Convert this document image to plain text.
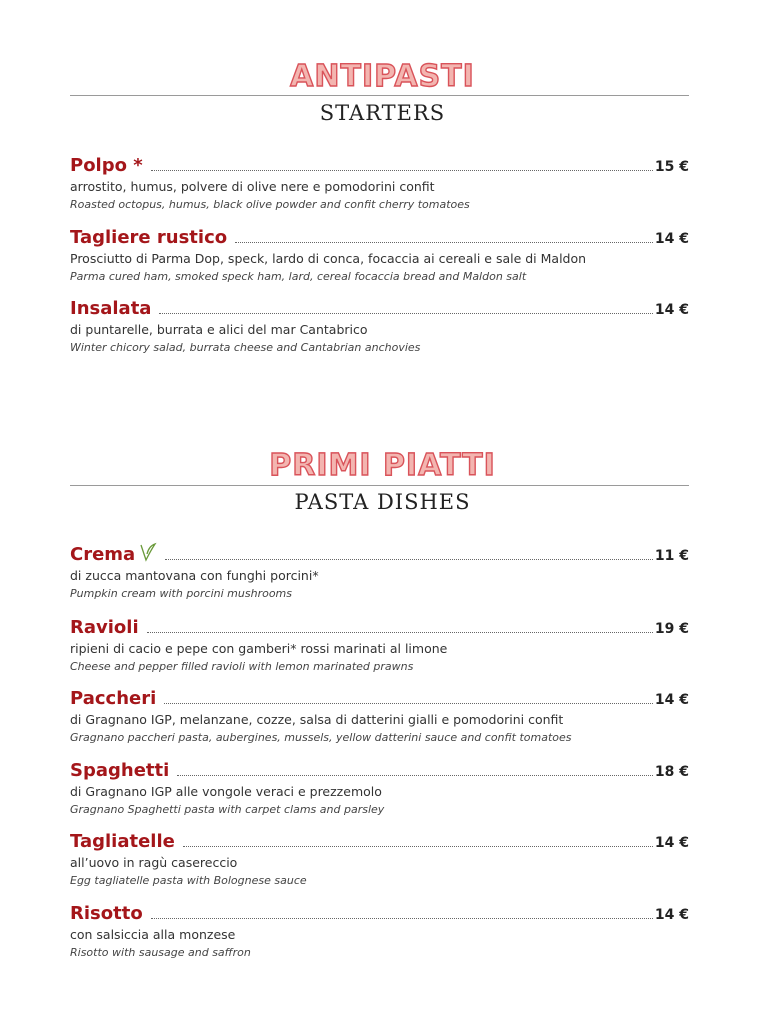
ANTIPASTI
STARTERS
Polpo *	15 €
arrostito, humus, polvere di olive nere e pomodorini confit
Roasted octopus, humus, black olive powder and confit cherry tomatoes
Tagliere rustico	14 €
Prosciutto di Parma Dop, speck, lardo di conca, focaccia ai cereali e sale di Maldon
Parma cured ham, smoked speck ham, lard, cereal focaccia bread and Maldon salt
Insalata	14 €
di puntarelle, burrata e alici del mar Cantabrico
Winter chicory salad, burrata cheese and Cantabrian anchovies
PRIMI PIATTI
PASTA DISHES
Crema	11 €
di zucca mantovana con funghi porcini*
Pumpkin cream with porcini mushrooms
Ravioli	19 €
ripieni di cacio e pepe con gamberi* rossi marinati al limone
Cheese and pepper filled ravioli with lemon marinated prawns
Paccheri	14 €
di Gragnano IGP, melanzane, cozze, salsa di datterini gialli e pomodorini confit
Gragnano paccheri pasta, aubergines, mussels, yellow datterini sauce and confit tomatoes
Spaghetti	18 €
di Gragnano IGP alle vongole veraci e prezzemolo
Gragnano Spaghetti pasta with carpet clams and parsley
Tagliatelle	14 €
all’uovo in ragù casereccio
Egg tagliatelle pasta with Bolognese sauce
Risotto	14 €
con salsiccia alla monzese
Risotto with sausage and saffron
